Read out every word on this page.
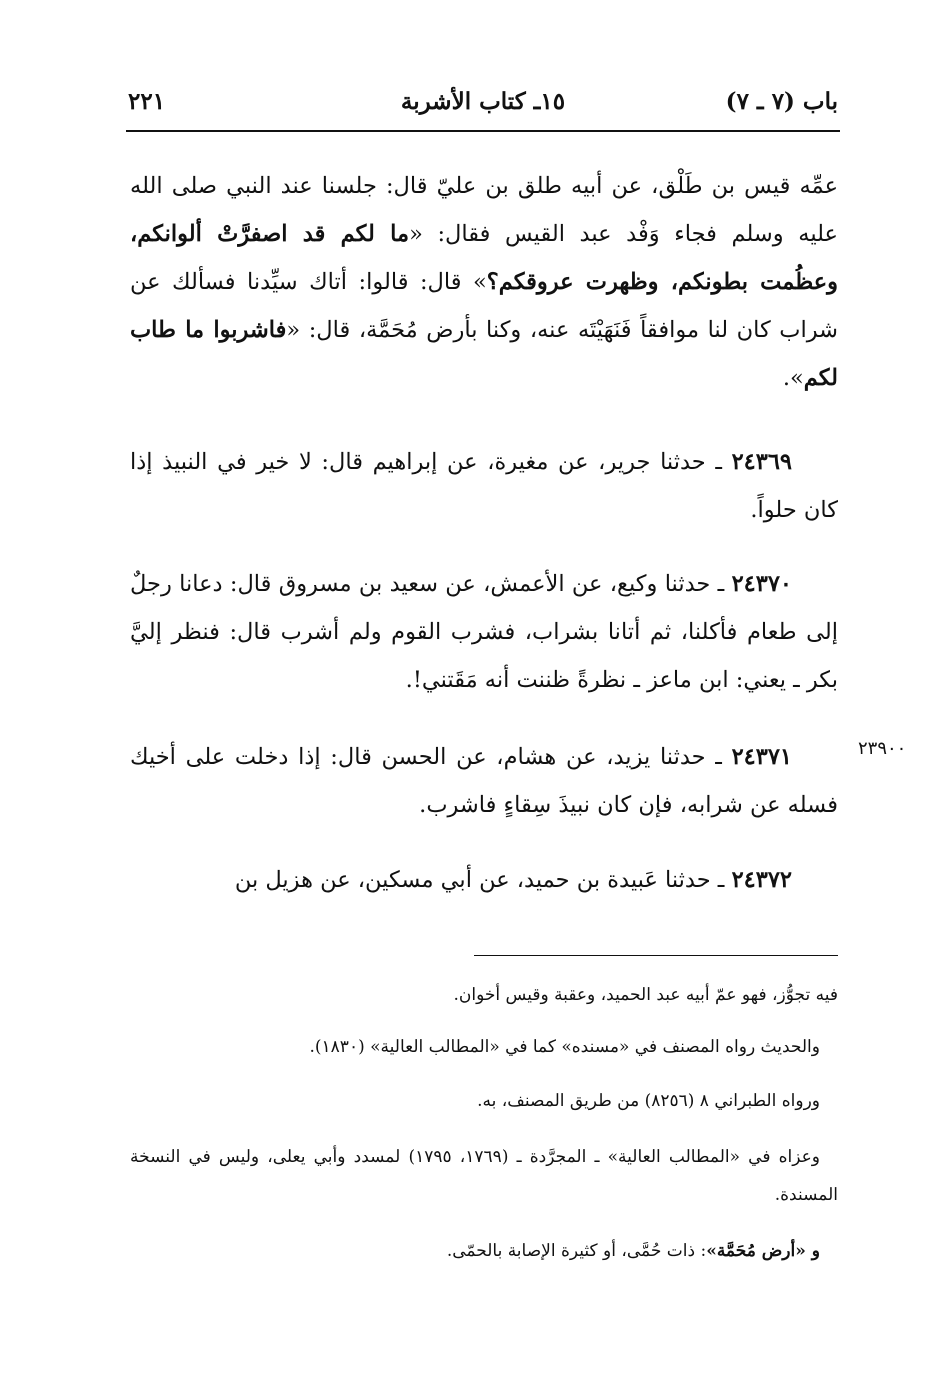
باب (٧ ـ ٧)
١٥ـ كتاب الأشربة
٢٢١

عمِّه قيس بن طَلْق، عن أبيه طلق بن عليّ قال: جلسنا عند النبي صلى الله عليه وسلم فجاء وَفْد عبد القيس فقال: «ما لكم قد اصفرَّتْ ألوانكم، وعظُمت بطونكم، وظهرت عروقكم؟» قال: قالوا: أتاك سيِّدنا فسألك عن شراب كان لنا موافقاً فَنَهَيْتَه عنه، وكنا بأرض مُحَمَّة، قال: «فاشربوا ما طاب لكم».

٢٤٣٦٩ ـ حدثنا جرير، عن مغيرة، عن إبراهيم قال: لا خير في النبيذ إذا كان حلواً.

٢٤٣٧٠ ـ حدثنا وكيع، عن الأعمش، عن سعيد بن مسروق قال: دعانا رجلٌ إلى طعام فأكلنا، ثم أتانا بشراب، فشرب القوم ولم أشرب قال: فنظر إليَّ بكر ـ يعني: ابن ماعز ـ نظرةً ظننت أنه مَقَتني!.

٢٤٣٧١ ـ حدثنا يزيد، عن هشام، عن الحسن قال: إذا دخلت على أخيك فسله عن شرابه، فإن كان نبيذَ سِقاءٍ فاشرب.

٢٣٩٠٠

٢٤٣٧٢ ـ حدثنا عَبيدة بن حميد، عن أبي مسكين، عن هزيل بن

فيه تجوُّز، فهو عمّ أبيه عبد الحميد، وعقبة وقيس أخوان.

والحديث رواه المصنف في «مسنده» كما في «المطالب العالية» (١٨٣٠).

ورواه الطبراني ٨ (٨٢٥٦) من طريق المصنف، به.

وعزاه في «المطالب العالية» ـ المجرَّدة ـ (١٧٦٩، ١٧٩٥) لمسدد وأبي يعلى، وليس في النسخة المسندة.

و «أرض مُحَمَّة»: ذات حُمَّى، أو كثيرة الإصابة بالحمّى.
